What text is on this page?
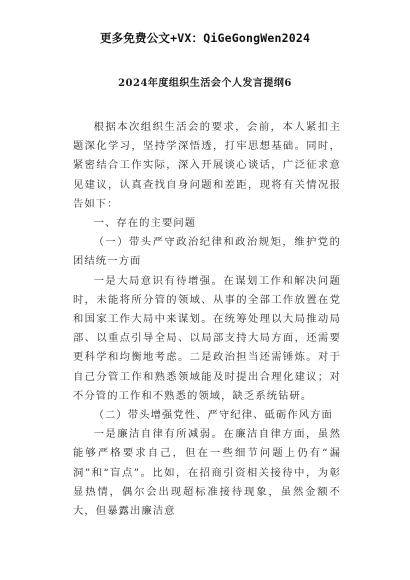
更多免费公文+VX：QiGeGongWen2024
2024年度组织生活会个人发言提纲6

根据本次组织生活会的要求，会前，本人紧扣主题深化学习，坚持学深悟透，打牢思想基础。同时，紧密结合工作实际，深入开展谈心谈话，广泛征求意见建议，认真查找自身问题和差距，现将有关情况报告如下：

一、存在的主要问题

（一）带头严守政治纪律和政治规矩，维护党的团结统一方面

一是大局意识有待增强。在谋划工作和解决问题时，未能将所分管的领域、从事的全部工作放置在党和国家工作大局中来谋划。在统筹处理以大局推动局部、以重点引导全局、以局部支持大局方面，还需要更科学和均衡地考虑。二是政治担当还需锤炼。对于自己分管工作和熟悉领域能及时提出合理化建议；对不分管的工作和不熟悉的领域，缺乏系统钻研。

（二）带头增强党性、严守纪律、砥砺作风方面

一是廉洁自律有所减弱。在廉洁自律方面，虽然能够严格要求自己，但在一些细节问题上仍有“漏洞”和“盲点”。比如，在招商引资相关接待中，为彰显热情，偶尔会出现超标准接待现象，虽然金额不大，但暴露出廉洁意
